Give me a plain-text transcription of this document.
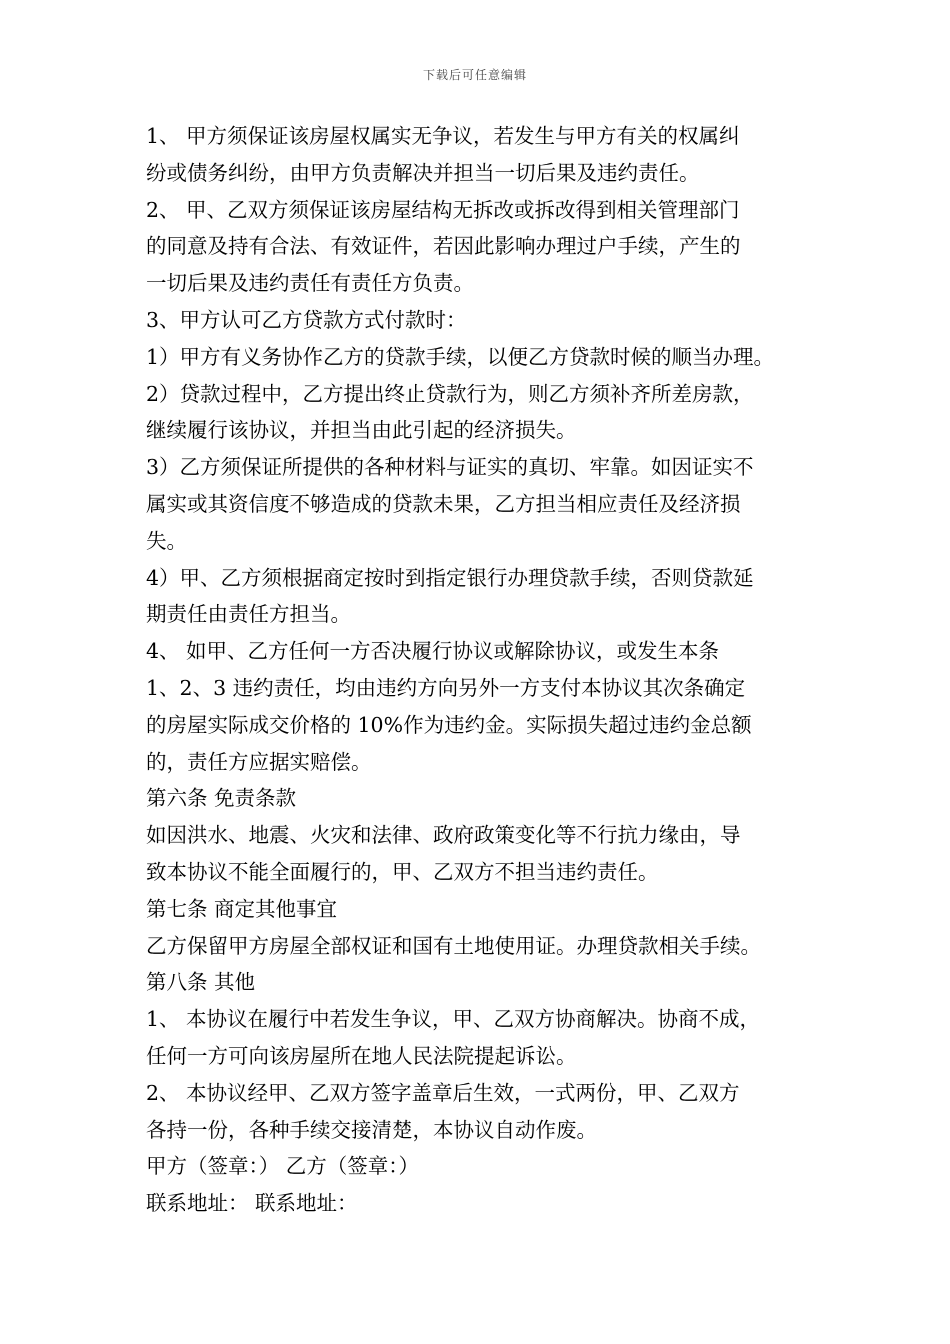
下载后可任意编辑
1、 甲方须保证该房屋权属实无争议，若发生与甲方有关的权属纠
纷或债务纠纷，由甲方负责解决并担当一切后果及违约责任。
2、 甲、乙双方须保证该房屋结构无拆改或拆改得到相关管理部门
的同意及持有合法、有效证件，若因此影响办理过户手续，产生的
一切后果及违约责任有责任方负责。
3、甲方认可乙方贷款方式付款时：
1）甲方有义务协作乙方的贷款手续，以便乙方贷款时候的顺当办理。
2）贷款过程中，乙方提出终止贷款行为，则乙方须补齐所差房款，
继续履行该协议，并担当由此引起的经济损失。
3）乙方须保证所提供的各种材料与证实的真切、牢靠。如因证实不
属实或其资信度不够造成的贷款未果，乙方担当相应责任及经济损
失。
4）甲、乙方须根据商定按时到指定银行办理贷款手续，否则贷款延
期责任由责任方担当。
4、 如甲、乙方任何一方否决履行协议或解除协议，或发生本条
1、2、3 违约责任，均由违约方向另外一方支付本协议其次条确定
的房屋实际成交价格的 10%作为违约金。实际损失超过违约金总额
的，责任方应据实赔偿。
第六条 免责条款
如因洪水、地震、火灾和法律、政府政策变化等不行抗力缘由，导
致本协议不能全面履行的，甲、乙双方不担当违约责任。
第七条 商定其他事宜
乙方保留甲方房屋全部权证和国有土地使用证。办理贷款相关手续。
第八条 其他
1、 本协议在履行中若发生争议，甲、乙双方协商解决。协商不成，
任何一方可向该房屋所在地人民法院提起诉讼。
2、 本协议经甲、乙双方签字盖章后生效，一式两份，甲、乙双方
各持一份，各种手续交接清楚，本协议自动作废。
甲方（签章：） 乙方（签章：）
联系地址： 联系地址：
